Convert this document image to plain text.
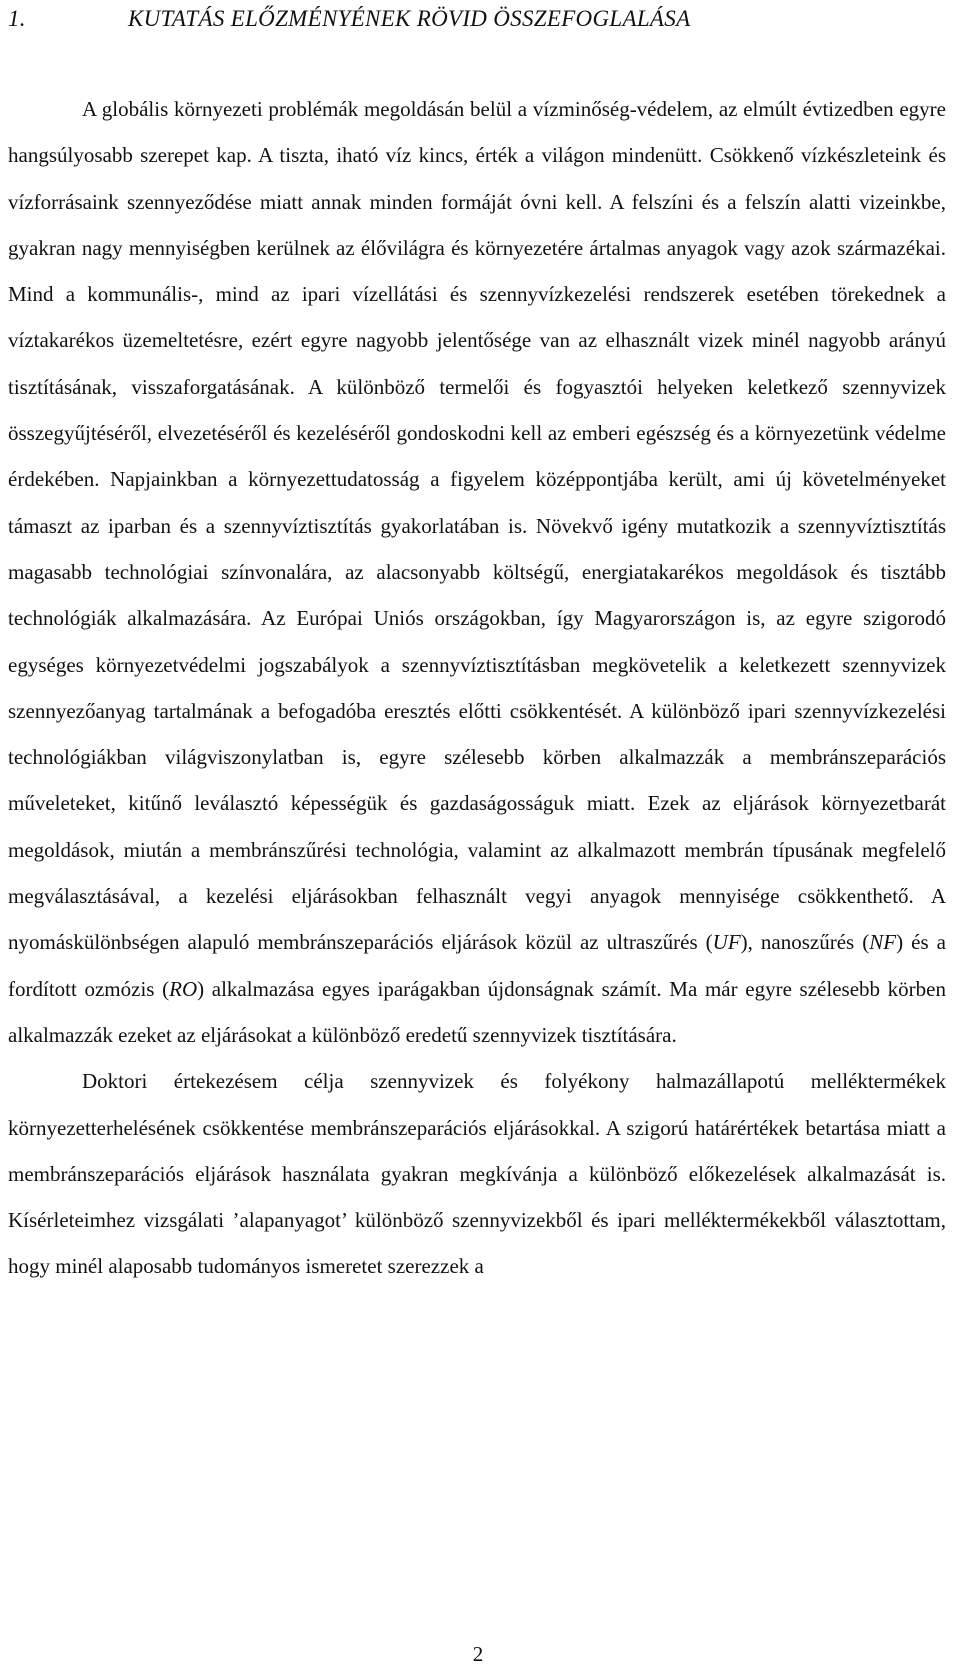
1.	KUTATÁS ELŐZMÉNYÉNEK RÖVID ÖSSZEFOGLALÁSA

A globális környezeti problémák megoldásán belül a vízminőség-védelem, az elmúlt évtizedben egyre hangsúlyosabb szerepet kap. A tiszta, iható víz kincs, érték a világon mindenütt. Csökkenő vízkészleteink és vízforrásaink szennyeződése miatt annak minden formáját óvni kell. A felszíni és a felszín alatti vizeinkbe, gyakran nagy mennyiségben kerülnek az élővilágra és környezetére ártalmas anyagok vagy azok származékai. Mind a kommunális-, mind az ipari vízellátási és szennyvízkezelési rendszerek esetében törekednek a víztakarékos üzemeltetésre, ezért egyre nagyobb jelentősége van az elhasznált vizek minél nagyobb arányú tisztításának, visszaforgatásának. A különböző termelői és fogyasztói helyeken keletkező szennyvizek összegyűjtéséről, elvezetéséről és kezeléséről gondoskodni kell az emberi egészség és a környezetünk védelme érdekében. Napjainkban a környezettudatosság a figyelem középpontjába került, ami új követelményeket támaszt az iparban és a szennyvíztisztítás gyakorlatában is. Növekvő igény mutatkozik a szennyvíztisztítás magasabb technológiai színvonalára, az alacsonyabb költségű, energiatakarékos megoldások és tisztább technológiák alkalmazására. Az Európai Uniós országokban, így Magyarországon is, az egyre szigorodó egységes környezetvédelmi jogszabályok a szennyvíztisztításban megkövetelik a keletkezett szennyvizek szennyezőanyag tartalmának a befogadóba eresztés előtti csökkentését. A különböző ipari szennyvízkezelési technológiákban világviszonylatban is, egyre szélesebb körben alkalmazzák a membránszeparációs műveleteket, kitűnő leválasztó képességük és gazdaságosságuk miatt. Ezek az eljárások környezetbarát megoldások, miután a membránszűrési technológia, valamint az alkalmazott membrán típusának megfelelő megválasztásával, a kezelési eljárásokban felhasznált vegyi anyagok mennyisége csökkenthető. A nyomáskülönbségen alapuló membránszeparációs eljárások közül az ultraszűrés (UF), nanoszűrés (NF) és a fordított ozmózis (RO) alkalmazása egyes iparágakban újdonságnak számít. Ma már egyre szélesebb körben alkalmazzák ezeket az eljárásokat a különböző eredetű szennyvizek tisztítására.

Doktori értekezésem célja szennyvizek és folyékony halmazállapotú melléktermékek környezetterhelésének csökkentése membránszeparációs eljárásokkal. A szigorú határértékek betartása miatt a membránszeparációs eljárások használata gyakran megkívánja a különböző előkezelések alkalmazását is. Kísérleteimhez vizsgálati ’alapanyagot’ különböző szennyvizekből és ipari melléktermékekből választottam, hogy minél alaposabb tudományos ismeretet szerezzek a

2
